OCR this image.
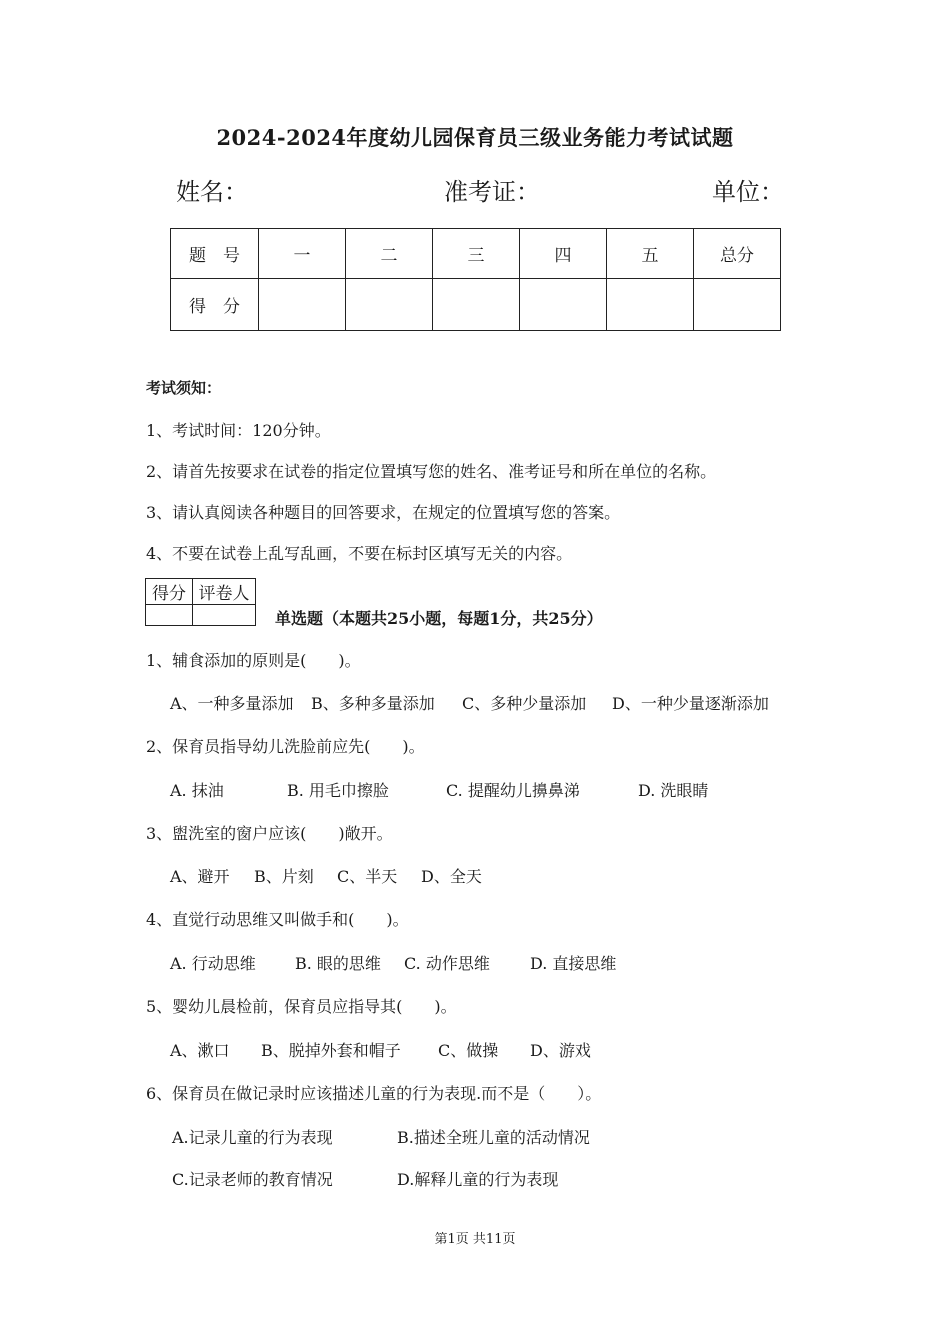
2024-2024年度幼儿园保育员三级业务能力考试试题
姓名：	准考证：	单位：
题　号	一	二	三	四	五	总分
得　分						
考试须知：
1、考试时间：120分钟。
2、请首先按要求在试卷的指定位置填写您的姓名、准考证号和所在单位的名称。
3、请认真阅读各种题目的回答要求，在规定的位置填写您的答案。
4、不要在试卷上乱写乱画，不要在标封区填写无关的内容。
得分	评卷人

单选题（本题共25小题，每题1分，共25分）
1、辅食添加的原则是(　　)。
A、一种多量添加 B、多种多量添加 C、多种少量添加 D、一种少量逐渐添加
2、保育员指导幼儿洗脸前应先(　　)。
A. 抹油	B. 用毛巾擦脸	C. 提醒幼儿擤鼻涕	D. 洗眼睛
3、盥洗室的窗户应该(　　)敞开。
A、避开 B、片刻 C、半天 D、全天
4、直觉行动思维又叫做手和(　　)。
A. 行动思维 B. 眼的思维 C. 动作思维	D. 直接思维
5、婴幼儿晨检前，保育员应指导其(　　)。
A、漱口 B、脱掉外套和帽子 C、做操 D、游戏
6、保育员在做记录时应该描述儿童的行为表现.而不是（　　）。
A.记录儿童的行为表现	B.描述全班儿童的活动情况
C.记录老师的教育情况	D.解释儿童的行为表现
第1页 共11页
